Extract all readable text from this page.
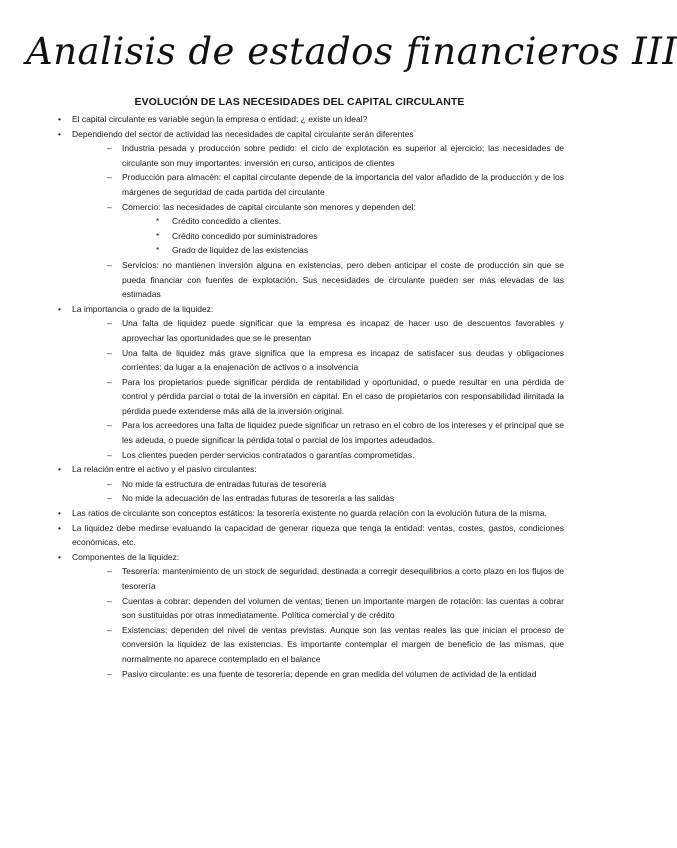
Analisis de estados financieros III
EVOLUCIÓN DE LAS NECESIDADES DEL CAPITAL CIRCULANTE
• El capital circulante es variable según la empresa o entidad: ¿ existe un ideal?
• Dependiendo del sector de actividad las necesidades de capital circulante serán diferentes
– Industria pesada y producción sobre pedido: el ciclo de explotación es superior al ejercicio; las necesidades de circulante son muy importantes: inversión en curso, anticipos de clientes
– Producción para almacén: el capital circulante depende de la importancia del valor añadido de la producción y de los márgenes de seguridad de cada partida del circulante
– Comercio: las necesidades de capital circulante son menores y dependen del:
* Crédito concedido a clientes.
* Crédito concedido por suministradores
* Grado de liquidez de las existencias
– Servicios: no mantienen inversión alguna en existencias, pero deben anticipar el coste de producción sin que se pueda financiar con fuentes de explotación. Sus necesidades de circulante pueden ser más elevadas de las estimadas
• La importancia o grado de la liquidez:
– Una falta de liquidez puede significar que la empresa es incapaz de hacer uso de descuentos favorables y aprovechar las oportunidades que se le presentan
– Una falta de liquidez más grave significa que la empresa es incapaz de satisfacer sus deudas y obligaciones corrientes: da lugar a la enajenación de activos o a insolvencia
– Para los propietarios puede significar pérdida de rentabilidad y oportunidad, o puede resultar en una pérdida de control y pérdida parcial o total de la inversión en capital. En el caso de propietarios con responsabilidad ilimitada la pérdida puede extenderse más allá de la inversión original.
– Para los acreedores una falta de liquidez puede significar un retraso en el cobro de los intereses y el principal que se les adeuda, o puede significar la pérdida total o parcial de los importes adeudados.
– Los clientes pueden perder servicios contratados o garantías comprometidas.
• La relación entre el activo y el pasivo circulantes:
– No mide la estructura de entradas futuras de tesorería
– No mide la adecuación de las entradas futuras de tesorería a las salidas
• Las ratios de circulante son conceptos estáticos: la tesorería existente no guarda relación con la evolución futura de la misma.
• La liquidez debe medirse evaluando la capacidad de generar riqueza que tenga la entidad: ventas, costes, gastos, condiciones económicas, etc.
• Componentes de la liquidez:
– Tesorería: mantenimiento de un stock de seguridad, destinada a corregir desequilibrios a corto plazo en los flujos de tesorería
– Cuentas a cobrar: dependen del volumen de ventas; tienen un importante margen de rotación: las cuentas a cobrar son sustituidas por otras inmediatamente. Política comercial y de crédito
– Existencias: dependen del nivel de ventas previstas. Aunque son las ventas reales las que inician el proceso de conversión la liquidez de las existencias. Es importante contemplar el margen de beneficio de las mismas, que normalmente no aparece contemplado en el balance
– Pasivo circulante: es una fuente de tesorería; depende en gran medida del volumen de actividad de la entidad
